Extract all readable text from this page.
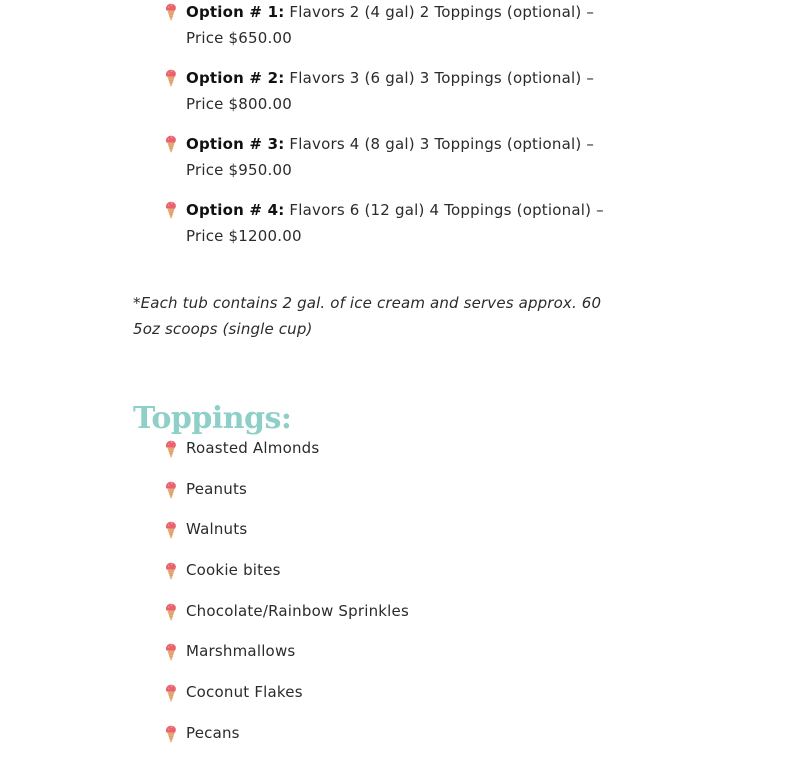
Option # 1: Flavors 2 (4 gal) 2 Toppings (optional) – Price $650.00
Option # 2: Flavors 3 (6 gal) 3 Toppings (optional) – Price $800.00
Option # 3: Flavors 4 (8 gal) 3 Toppings (optional) – Price $950.00
Option # 4: Flavors 6 (12 gal) 4 Toppings (optional) – Price $1200.00

*Each tub contains 2 gal. of ice cream and serves approx. 60 5oz scoops (single cup)

Toppings:
Roasted Almonds
Peanuts
Walnuts
Cookie bites
Chocolate/Rainbow Sprinkles
Marshmallows
Coconut Flakes
Pecans
